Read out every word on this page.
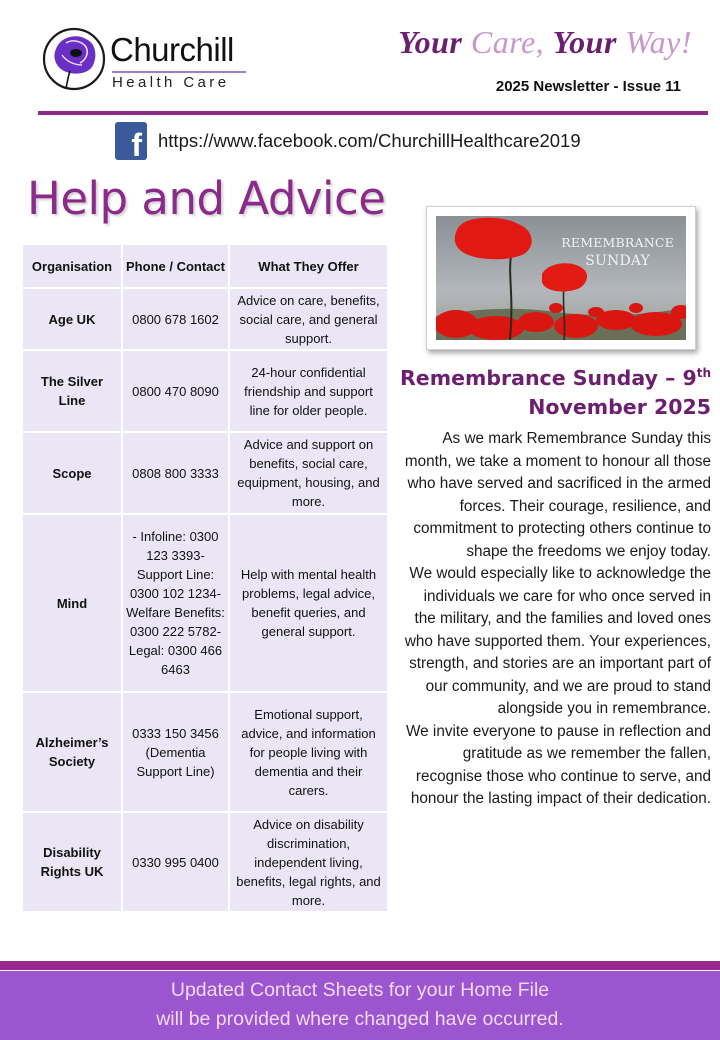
Churchill
Health Care
Your Care, Your Way!
2025 Newsletter - Issue 11
f https://www.facebook.com/ChurchillHealthcare2019
Help and Advice
Organisation	Phone / Contact	What They Offer
Age UK	0800 678 1602	Advice on care, benefits, social care, and general support.
The Silver Line	0800 470 8090	24-hour confidential friendship and support line for older people.
Scope	0808 800 3333	Advice and support on benefits, social care, equipment, housing, and more.
Mind	- Infoline: 0300 123 3393- Support Line: 0300 102 1234- Welfare Benefits: 0300 222 5782- Legal: 0300 466 6463	Help with mental health problems, legal advice, benefit queries, and general support.
Alzheimer’s Society	0333 150 3456 (Dementia Support Line)	Emotional support, advice, and information for people living with dementia and their carers.
Disability Rights UK	0330 995 0400	Advice on disability discrimination, independent living, benefits, legal rights, and more.
REMEMBRANCE
SUNDAY
Remembrance Sunday – 9th
November 2025

As we mark Remembrance Sunday this month, we take a moment to honour all those who have served and sacrificed in the armed forces. Their courage, resilience, and commitment to protecting others continue to shape the freedoms we enjoy today.

We would especially like to acknowledge the individuals we care for who once served in the military, and the families and loved ones who have supported them. Your experiences, strength, and stories are an important part of our community, and we are proud to stand alongside you in remembrance.

We invite everyone to pause in reflection and gratitude as we remember the fallen, recognise those who continue to serve, and honour the lasting impact of their dedication.

Updated Contact Sheets for your Home File
will be provided where changed have occurred.
